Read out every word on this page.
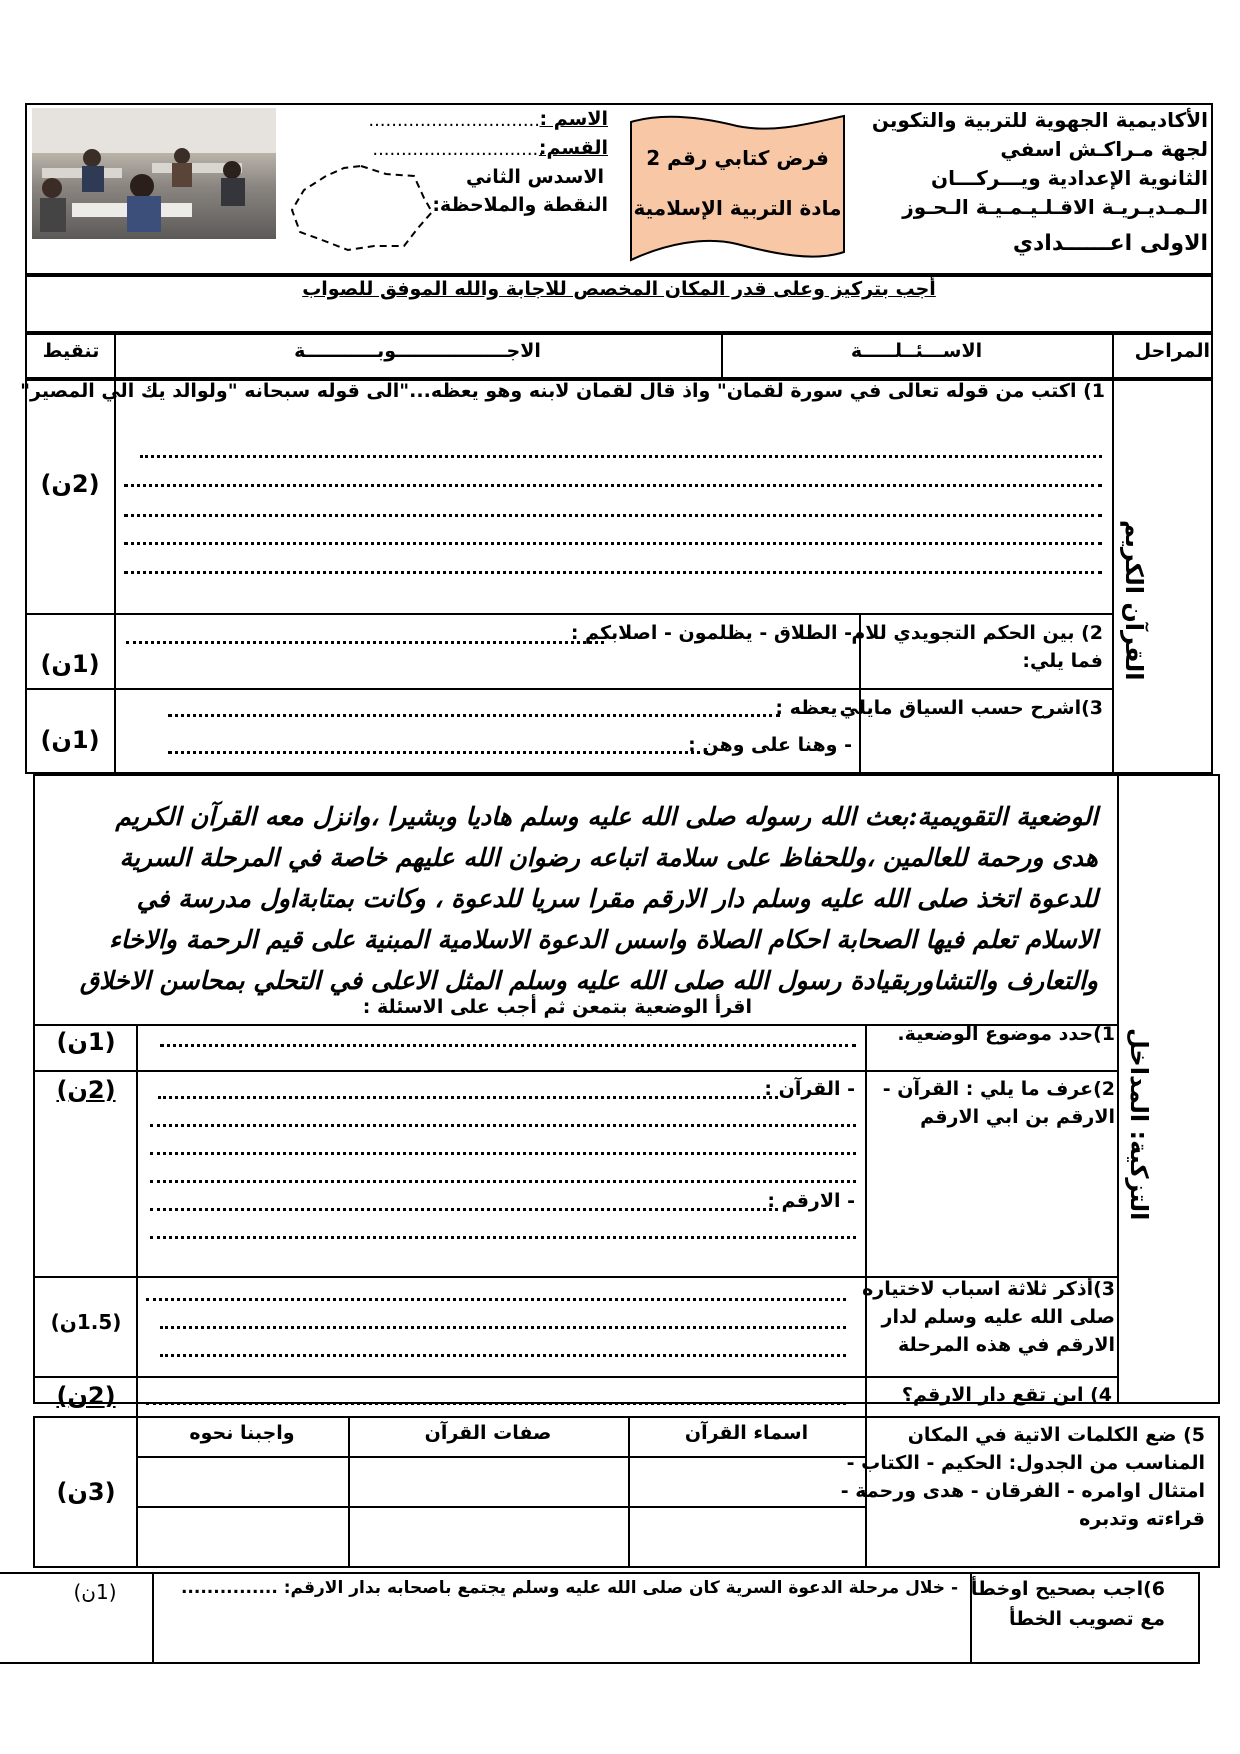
الاسم :
..............................
القسم:
..............................
الاسدس الثاني
النقطة والملاحظة:
فرض كتابي رقم 2
مادة التربية الإسلامية
الأكاديمية الجهوية للتربية والتكوين
لجهة مـراكـش اسفي
الثانوية الإعدادية ويـــركـــان
الـمـديـريـة الاقـلـيـمـيـة الـحـوز
الاولى اعــــــدادي
أجب بتركيز وعلى قدر المكان المخصص للاجابة والله الموفق للصواب
المراحل
الاســـئــلـــــة
الاجـــــــــــــــــوبـــــــــــة
تنقيط
القرآن الكريم
1) اكتب من قوله تعالى في سورة لقمان" واذ قال لقمان لابنه وهو يعظه..."الى قوله سبحانه "ولوالد يك الي المصير"
(2ن)
2) بين الحكم التجويدي للام
فما يلي:
- الطلاق - يظلمون - اصلابكم :
(1ن)
3)اشرح حسب السياق مايلي
- يعظه :
- وهنا على وهن :
(1ن)
التزكية: المداخل
الوضعية التقويمية:بعث الله رسوله صلى الله عليه وسلم هاديا وبشيرا ،وانزل معه القرآن الكريم
هدى ورحمة للعالمين ،وللحفاظ على سلامة اتباعه رضوان الله عليهم خاصة في المرحلة السرية
للدعوة اتخذ صلى الله عليه وسلم دار الارقم مقرا سريا للدعوة ، وكانت بمتابةاول مدرسة في
الاسلام تعلم فيها الصحابة احكام الصلاة واسس الدعوة الاسلامية المبنية على قيم الرحمة والاخاء
والتعارف والتشاوربقيادة رسول الله صلى الله عليه وسلم المثل الاعلى في التحلي بمحاسن الاخلاق
اقرأ الوضعية بتمعن ثم أجب على الاسئلة :
1)حدد موضوع الوضعية.
(1ن)
2)عرف ما يلي : القرآن -
الارقم بن ابي الارقم
- القرآن :
- الارقم :
(2ن)
3)أذكر ثلاثة اسباب لاختياره
صلى الله عليه وسلم لدار
الارقم في هذه المرحلة
(1.5ن)
4) اين تقع دار الارقم؟
(2ن)
اسماء القرآن
صفات القرآن
واجبنا نحوه	5) ضع الكلمات الاتية في المكان
المناسب من الجدول: الحكيم - الكتاب -
امتثال اوامره - الفرقان - هدى ورحمة -
قراءته وتدبره
(3ن)
6)اجب بصحيح اوخطأ
مع تصويب الخطأ
- خلال مرحلة الدعوة السرية كان صلى الله عليه وسلم يجتمع باصحابه بدار الارقم: ...............
(1ن)
